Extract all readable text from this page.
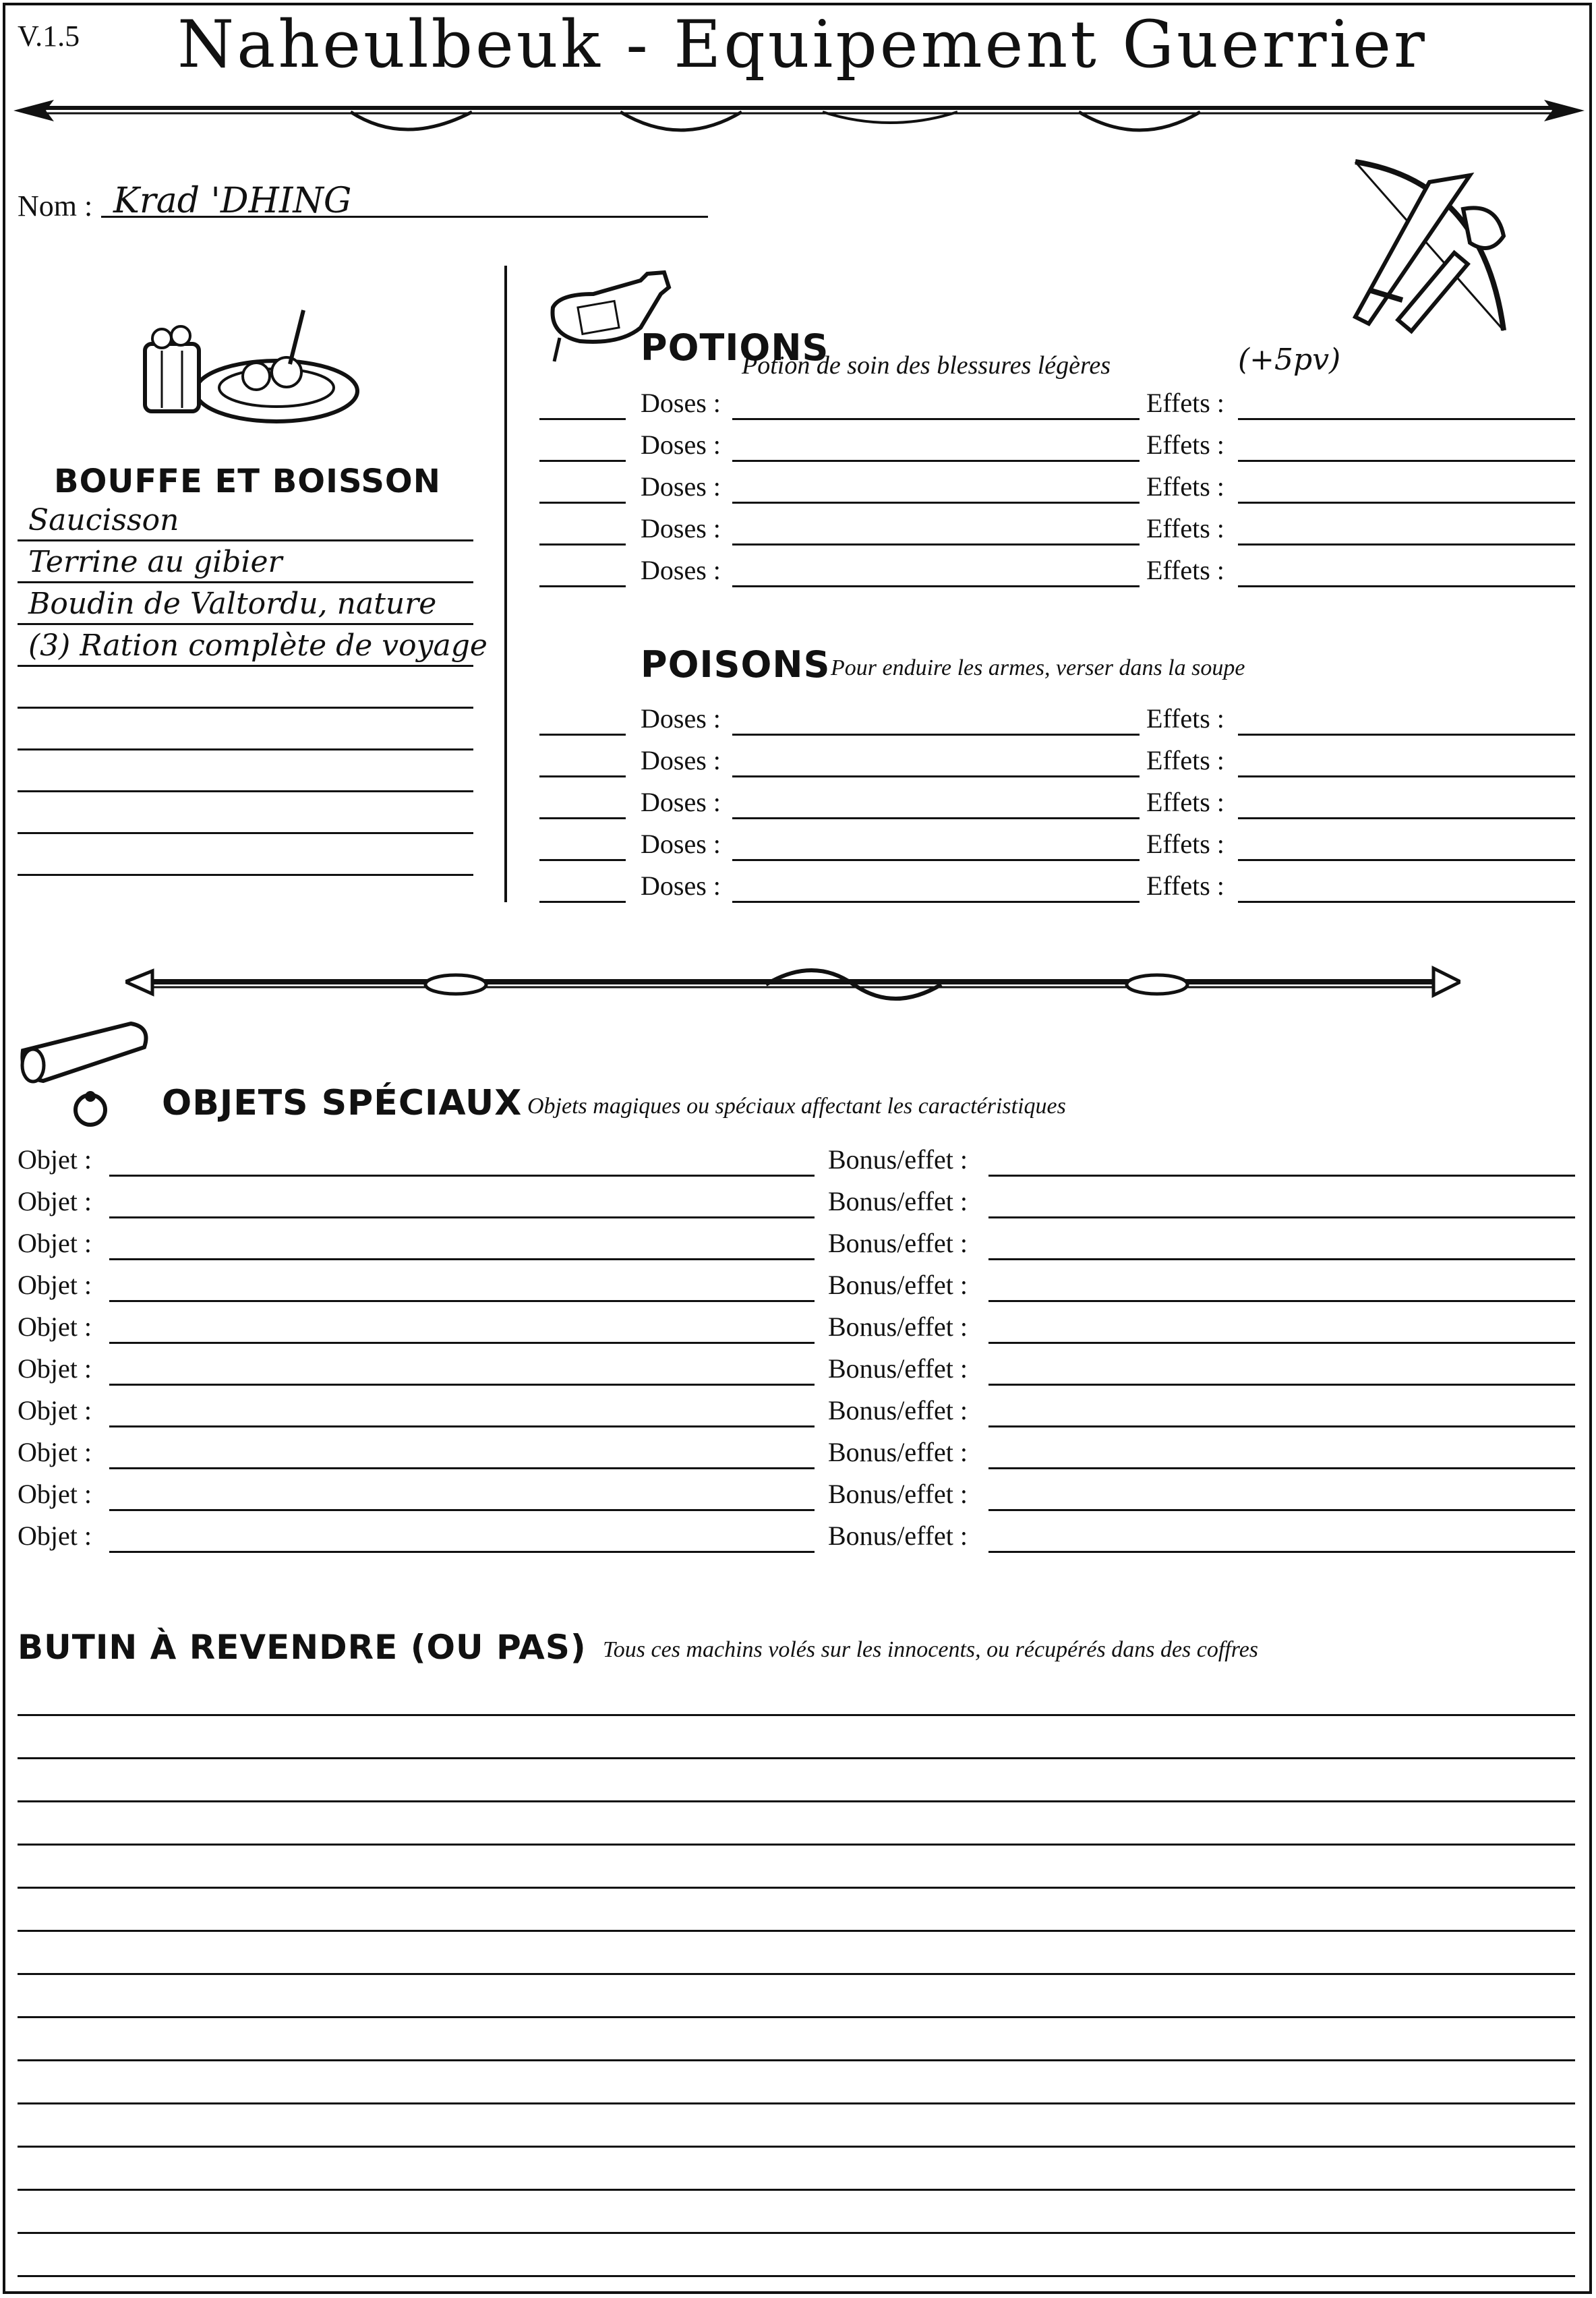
V.1.5 Naheulbeuk - Equipement Guerrier
Nom : Krad 'DHING
BOUFFE ET BOISSON
Saucisson
Terrine au gibier
Boudin de Valtordu, nature
(3) Ration complète de voyage
POTIONS
Potion de soin des blessures légères	(+5pv)
Doses :	Effets :
Doses :	Effets :
Doses :	Effets :
Doses :	Effets :
Doses :	Effets :
POISONS Pour enduire les armes, verser dans la soupe
Doses :	Effets :
Doses :	Effets :
Doses :	Effets :
Doses :	Effets :
Doses :	Effets :
OBJETS SPÉCIAUX Objets magiques ou spéciaux affectant les caractéristiques
Objet :	Bonus/effet :
Objet :	Bonus/effet :
Objet :	Bonus/effet :
Objet :	Bonus/effet :
Objet :	Bonus/effet :
Objet :	Bonus/effet :
Objet :	Bonus/effet :
Objet :	Bonus/effet :
Objet :	Bonus/effet :
Objet :	Bonus/effet :
BUTIN À REVENDRE (OU PAS) Tous ces machins volés sur les innocents, ou récupérés dans des coffres
